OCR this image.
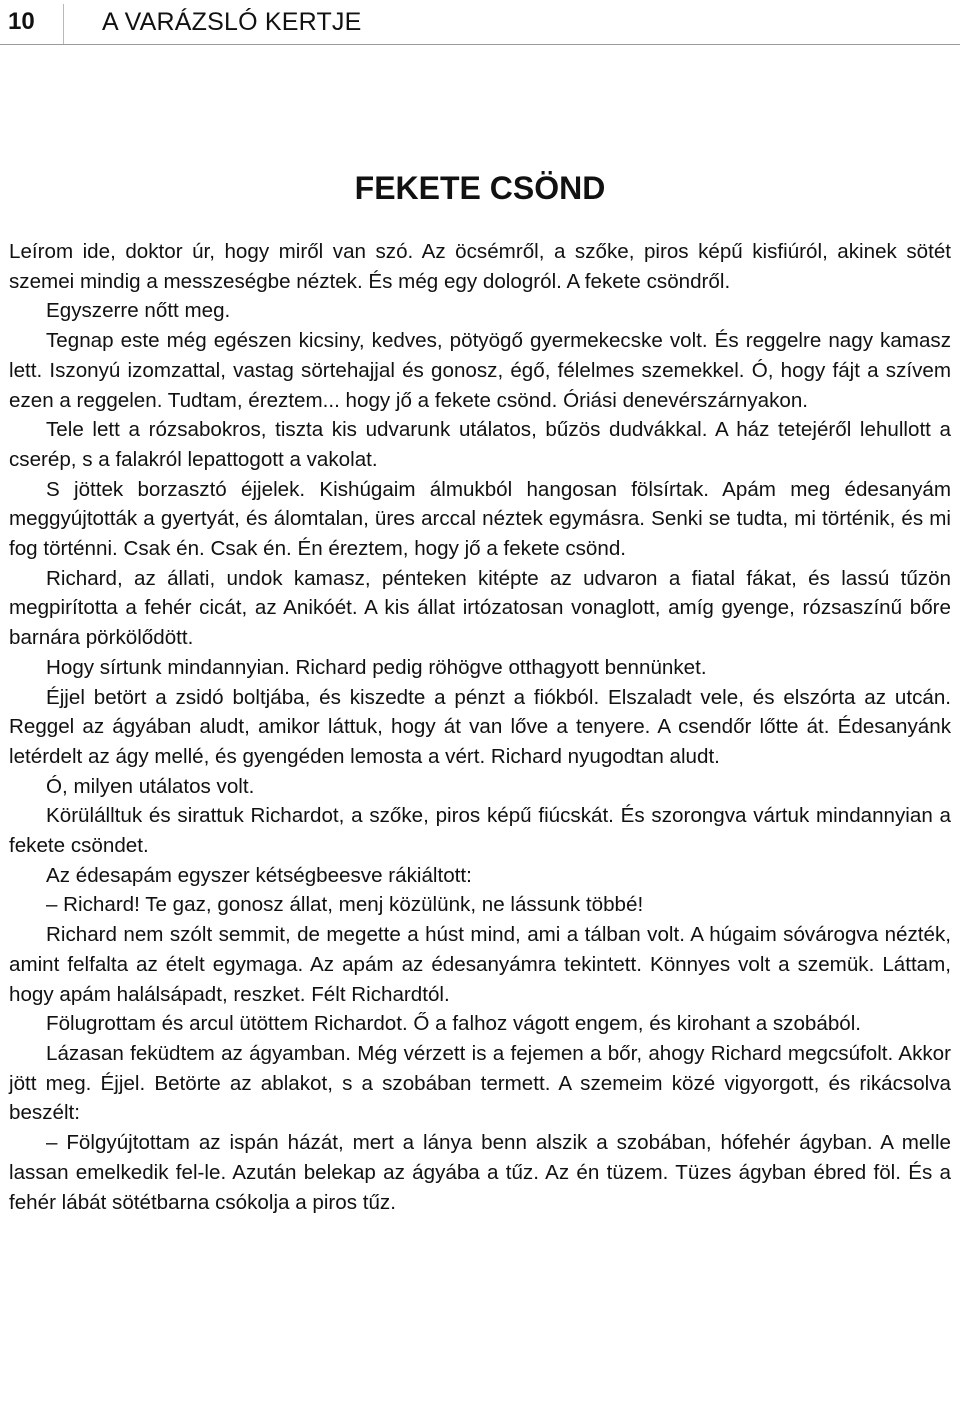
10	A VARÁZSLÓ KERTJE
FEKETE CSÖND

Leírom ide, doktor úr, hogy miről van szó. Az öcsémről, a szőke, piros képű kisfiúról, akinek sötét szemei mindig a messzeségbe néztek. És még egy dologról. A fekete csöndről.

Egyszerre nőtt meg.

Tegnap este még egészen kicsiny, kedves, pötyögő gyermekecske volt. És reggelre nagy kamasz lett. Iszonyú izomzattal, vastag sörtehajjal és gonosz, égő, félelmes szemekkel. Ó, hogy fájt a szívem ezen a reggelen. Tudtam, éreztem... hogy jő a fekete csönd. Óriási denevérszárnyakon.

Tele lett a rózsabokros, tiszta kis udvarunk utálatos, bűzös dudvákkal. A ház tetejéről lehullott a cserép, s a falakról lepattogott a vakolat.

S jöttek borzasztó éjjelek. Kishúgaim álmukból hangosan fölsírtak. Apám meg édesanyám meggyújtották a gyertyát, és álomtalan, üres arccal néztek egymásra. Senki se tudta, mi történik, és mi fog történni. Csak én. Csak én. Én éreztem, hogy jő a fekete csönd.

Richard, az állati, undok kamasz, pénteken kitépte az udvaron a fiatal fákat, és lassú tűzön megpirította a fehér cicát, az Anikóét. A kis állat irtózatosan vonaglott, amíg gyenge, rózsaszínű bőre barnára pörkölődött.

Hogy sírtunk mindannyian. Richard pedig röhögve otthagyott bennünket.

Éjjel betört a zsidó boltjába, és kiszedte a pénzt a fiókból. Elszaladt vele, és elszórta az utcán. Reggel az ágyában aludt, amikor láttuk, hogy át van lőve a tenyere. A csendőr lőtte át. Édesanyánk letérdelt az ágy mellé, és gyengéden lemosta a vért. Richard nyugodtan aludt.

Ó, milyen utálatos volt.

Körülálltuk és sirattuk Richardot, a szőke, piros képű fiúcskát. És szorongva vártuk mindannyian a fekete csöndet.

Az édesapám egyszer kétségbeesve rákiáltott:

– Richard! Te gaz, gonosz állat, menj közülünk, ne lássunk többé!

Richard nem szólt semmit, de megette a húst mind, ami a tálban volt. A húgaim sóvárogva nézték, amint felfalta az ételt egymaga. Az apám az édesanyámra tekintett. Könnyes volt a szemük. Láttam, hogy apám halálsápadt, reszket. Félt Richardtól.

Fölugrottam és arcul ütöttem Richardot. Ő a falhoz vágott engem, és kirohant a szobából.

Lázasan feküdtem az ágyamban. Még vérzett is a fejemen a bőr, ahogy Richard megcsúfolt. Akkor jött meg. Éjjel. Betörte az ablakot, s a szobában termett. A szemeim közé vigyorgott, és rikácsolva beszélt:

– Fölgyújtottam az ispán házát, mert a lánya benn alszik a szobában, hófehér ágyban. A melle lassan emelkedik fel-le. Azután belekap az ágyába a tűz. Az én tüzem. Tüzes ágyban ébred föl. És a fehér lábát sötétbarna csókolja a piros tűz.
